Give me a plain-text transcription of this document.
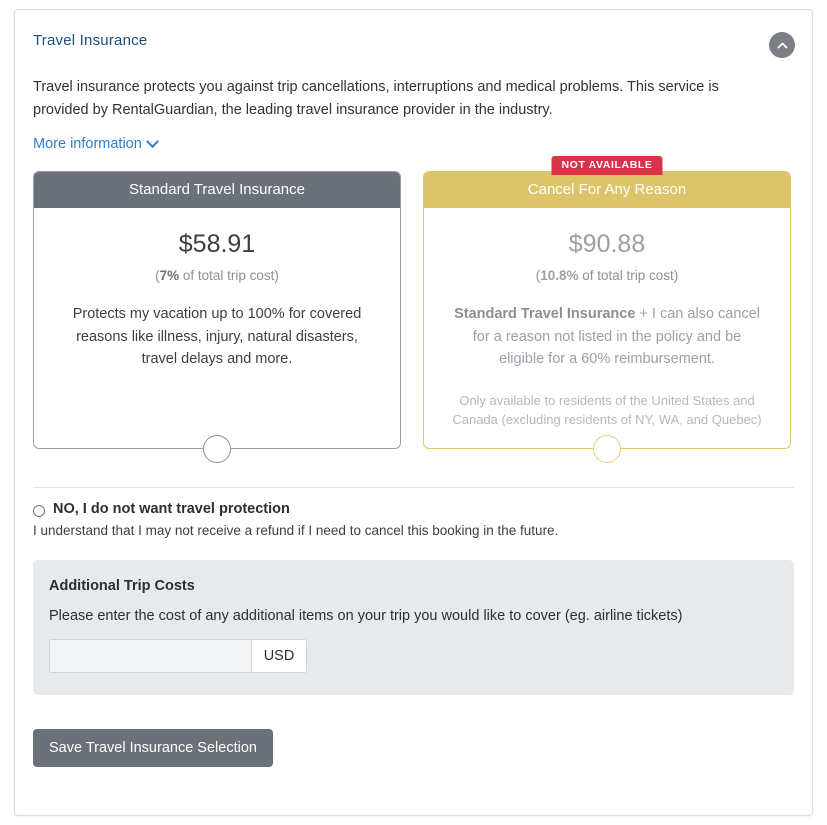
Travel Insurance
Travel insurance protects you against trip cancellations, interruptions and medical problems. This service is provided by RentalGuardian, the leading travel insurance provider in the industry.
More information
Standard Travel Insurance
$58.91
(7% of total trip cost)
Protects my vacation up to 100% for covered reasons like illness, injury, natural disasters, travel delays and more.
NOT AVAILABLE
Cancel For Any Reason
$90.88
(10.8% of total trip cost)
Standard Travel Insurance + I can also cancel for a reason not listed in the policy and be eligible for a 60% reimbursement.
Only available to residents of the United States and Canada (excluding residents of NY, WA, and Quebec)
NO, I do not want travel protection
I understand that I may not receive a refund if I need to cancel this booking in the future.
Additional Trip Costs
Please enter the cost of any additional items on your trip you would like to cover (eg. airline tickets)
USD
Save Travel Insurance Selection
